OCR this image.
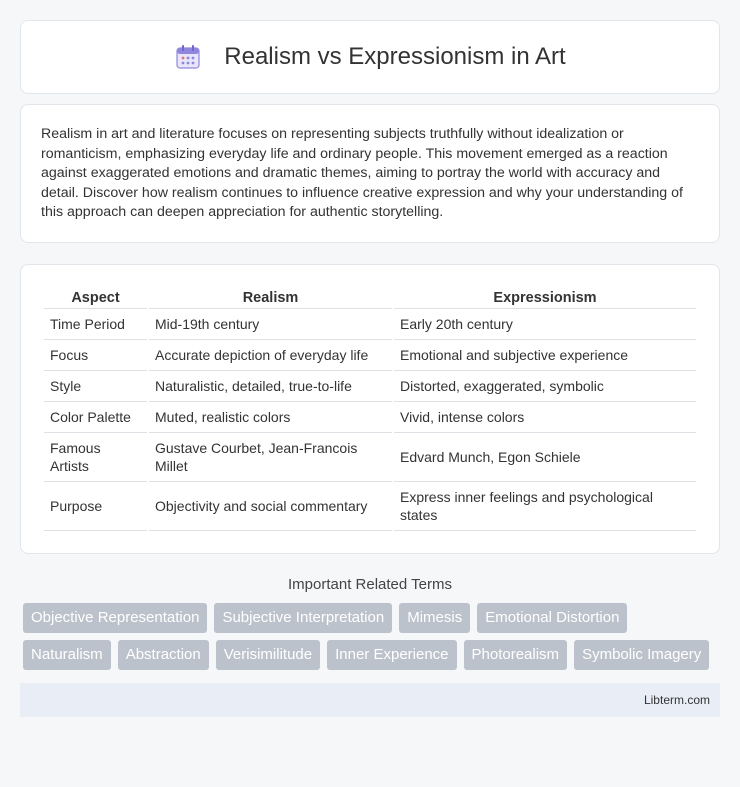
Realism vs Expressionism in Art

Realism in art and literature focuses on representing subjects truthfully without idealization or romanticism, emphasizing everyday life and ordinary people. This movement emerged as a reaction against exaggerated emotions and dramatic themes, aiming to portray the world with accuracy and detail. Discover how realism continues to influence creative expression and why your understanding of this approach can deepen appreciation for authentic storytelling.

Aspect	Realism	Expressionism
Time Period	Mid-19th century	Early 20th century
Focus	Accurate depiction of everyday life	Emotional and subjective experience
Style	Naturalistic, detailed, true-to-life	Distorted, exaggerated, symbolic
Color Palette	Muted, realistic colors	Vivid, intense colors
Famous Artists	Gustave Courbet, Jean-Francois Millet	Edvard Munch, Egon Schiele
Purpose	Objectivity and social commentary	Express inner feelings and psychological states
Important Related Terms
Objective Representation	Subjective Interpretation	Mimesis	Emotional Distortion
Naturalism	Abstraction	Verisimilitude	Inner Experience	Photorealism	Symbolic Imagery
Libterm.com
